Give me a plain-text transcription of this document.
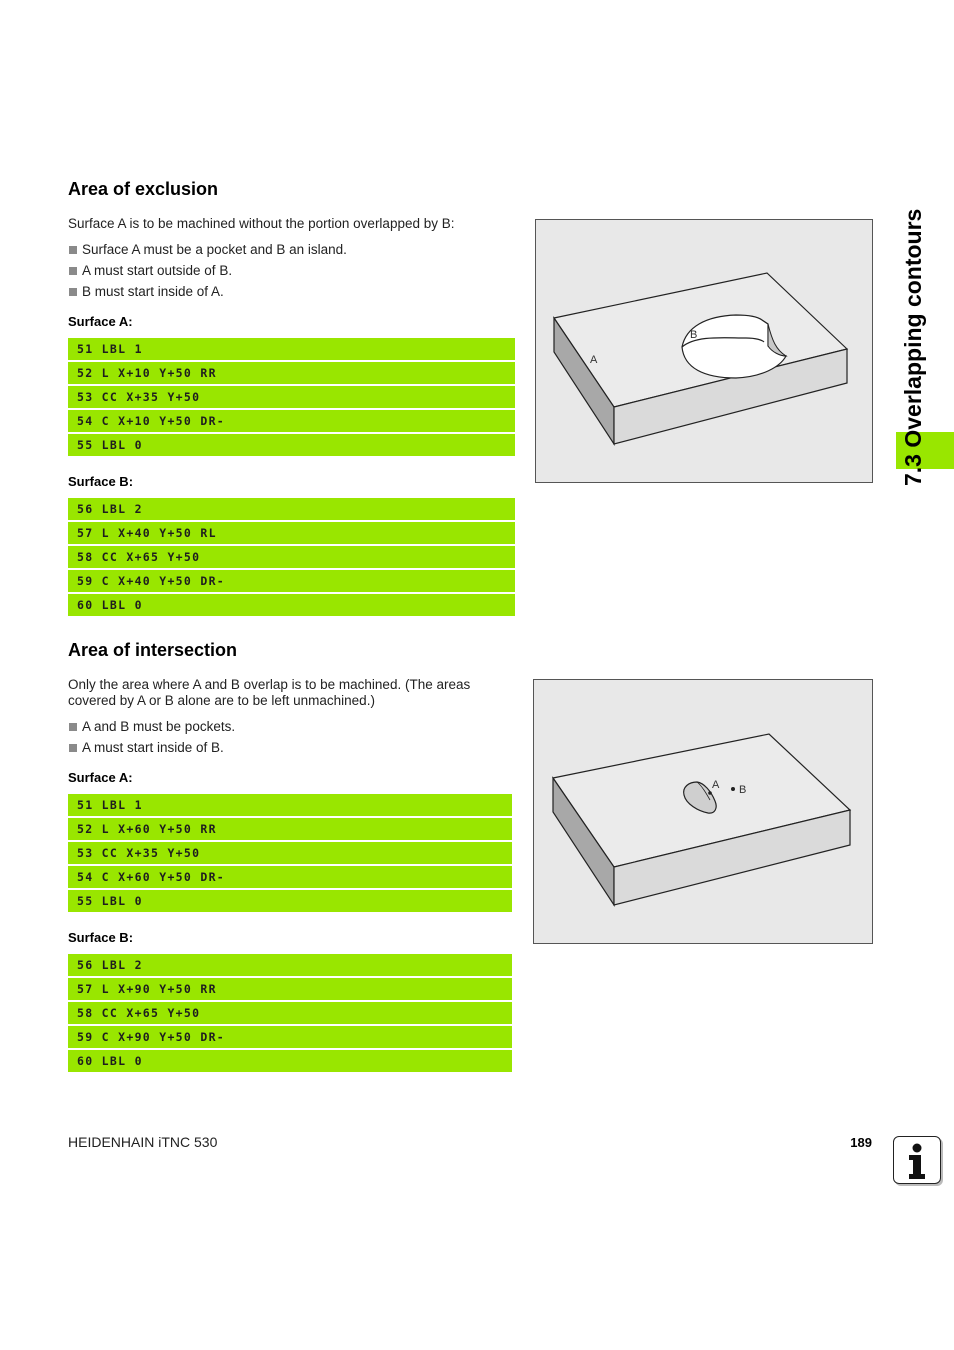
7.3 Overlapping contours
Area of exclusion
Surface A is to be machined without the portion overlapped by B:
Surface A must be a pocket and B an island.
A must start outside of B.
B must start inside of A.
Surface A:
51 LBL 1
52 L X+10 Y+50 RR
53 CC X+35 Y+50
54 C X+10 Y+50 DR-
55 LBL 0
Surface B:
56 LBL 2
57 L X+40 Y+50 RL
58 CC X+65 Y+50
59 C X+40 Y+50 DR-
60 LBL 0
A
B
Area of intersection
Only the area where A and B overlap is to be machined. (The areas covered by A or B alone are to be left unmachined.)
A and B must be pockets.
A must start inside of B.
Surface A:
51 LBL 1
52 L X+60 Y+50 RR
53 CC X+35 Y+50
54 C X+60 Y+50 DR-
55 LBL 0
Surface B:
56 LBL 2
57 L X+90 Y+50 RR
58 CC X+65 Y+50
59 C X+90 Y+50 DR-
60 LBL 0
A B
HEIDENHAIN iTNC 530	189
